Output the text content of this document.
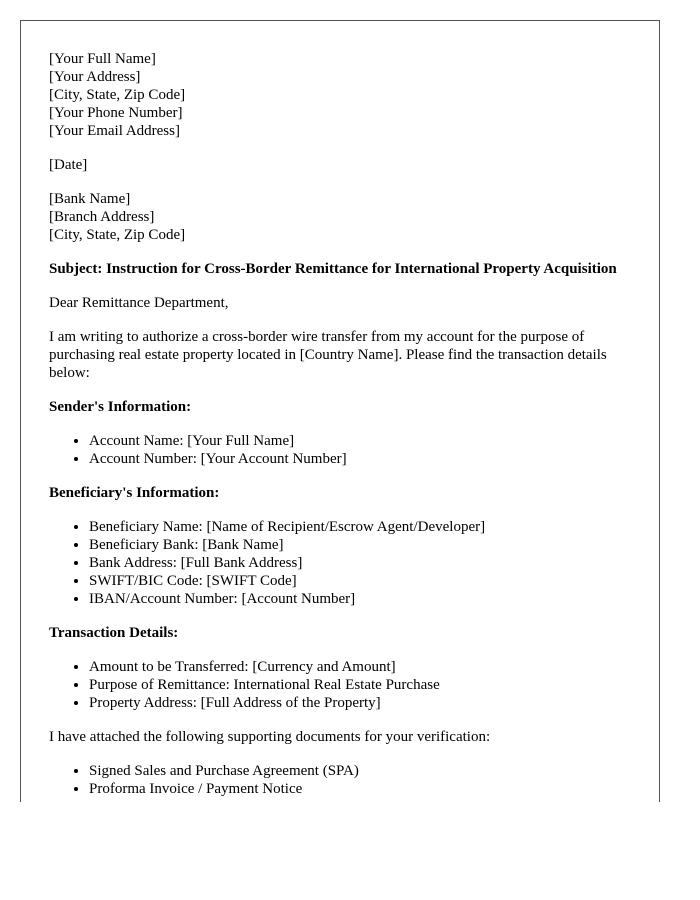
[Your Full Name]
[Your Address]
[City, State, Zip Code]
[Your Phone Number]
[Your Email Address]

[Date]

[Bank Name]
[Branch Address]
[City, State, Zip Code]

Subject: Instruction for Cross-Border Remittance for International Property Acquisition

Dear Remittance Department,

I am writing to authorize a cross-border wire transfer from my account for the purpose of purchasing real estate property located in [Country Name]. Please find the transaction details below:

Sender's Information:
• Account Name: [Your Full Name]
• Account Number: [Your Account Number]
Beneficiary's Information:
• Beneficiary Name: [Name of Recipient/Escrow Agent/Developer]
• Beneficiary Bank: [Bank Name]
• Bank Address: [Full Bank Address]
• SWIFT/BIC Code: [SWIFT Code]
• IBAN/Account Number: [Account Number]
Transaction Details:
• Amount to be Transferred: [Currency and Amount]
• Purpose of Remittance: International Real Estate Purchase
• Property Address: [Full Address of the Property]

I have attached the following supporting documents for your verification:

• Signed Sales and Purchase Agreement (SPA)
• Proforma Invoice / Payment Notice
